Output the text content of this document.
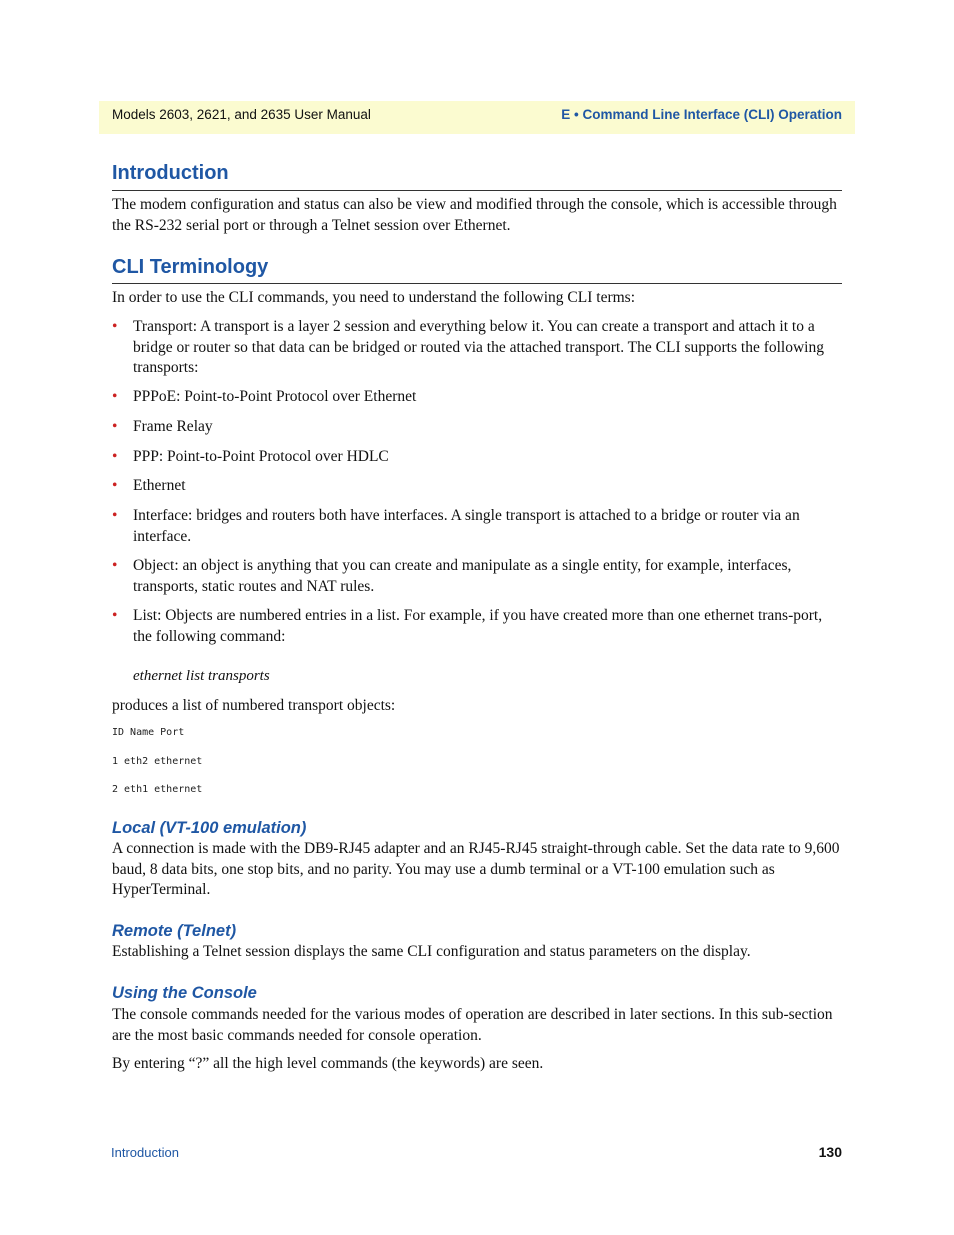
Models 2603, 2621, and 2635 User Manual	E • Command Line Interface (CLI) Operation
Introduction

The modem configuration and status can also be view and modified through the console, which is accessible through the RS-232 serial port or through a Telnet session over Ethernet.

CLI Terminology

In order to use the CLI commands, you need to understand the following CLI terms:

• Transport: A transport is a layer 2 session and everything below it. You can create a transport and attach it to a bridge or router so that data can be bridged or routed via the attached transport. The CLI supports the following transports:
• PPPoE: Point-to-Point Protocol over Ethernet
• Frame Relay
• PPP: Point-to-Point Protocol over HDLC
• Ethernet
• Interface: bridges and routers both have interfaces. A single transport is attached to a bridge or router via an interface.
• Object: an object is anything that you can create and manipulate as a single entity, for example, interfaces, transports, static routes and NAT rules.
• List: Objects are numbered entries in a list. For example, if you have created more than one ethernet trans-port, the following command:

ethernet list transports

produces a list of numbered transport objects:

ID Name Port
1 eth2 ethernet
2 eth1 ethernet
Local (VT-100 emulation)

A connection is made with the DB9-RJ45 adapter and an RJ45-RJ45 straight-through cable. Set the data rate to 9,600 baud, 8 data bits, one stop bits, and no parity. You may use a dumb terminal or a VT-100 emulation such as HyperTerminal.

Remote (Telnet)

Establishing a Telnet session displays the same CLI configuration and status parameters on the display.

Using the Console

The console commands needed for the various modes of operation are described in later sections. In this sub-section are the most basic commands needed for console operation.

By entering “?” all the high level commands (the keywords) are seen.

Introduction	130
